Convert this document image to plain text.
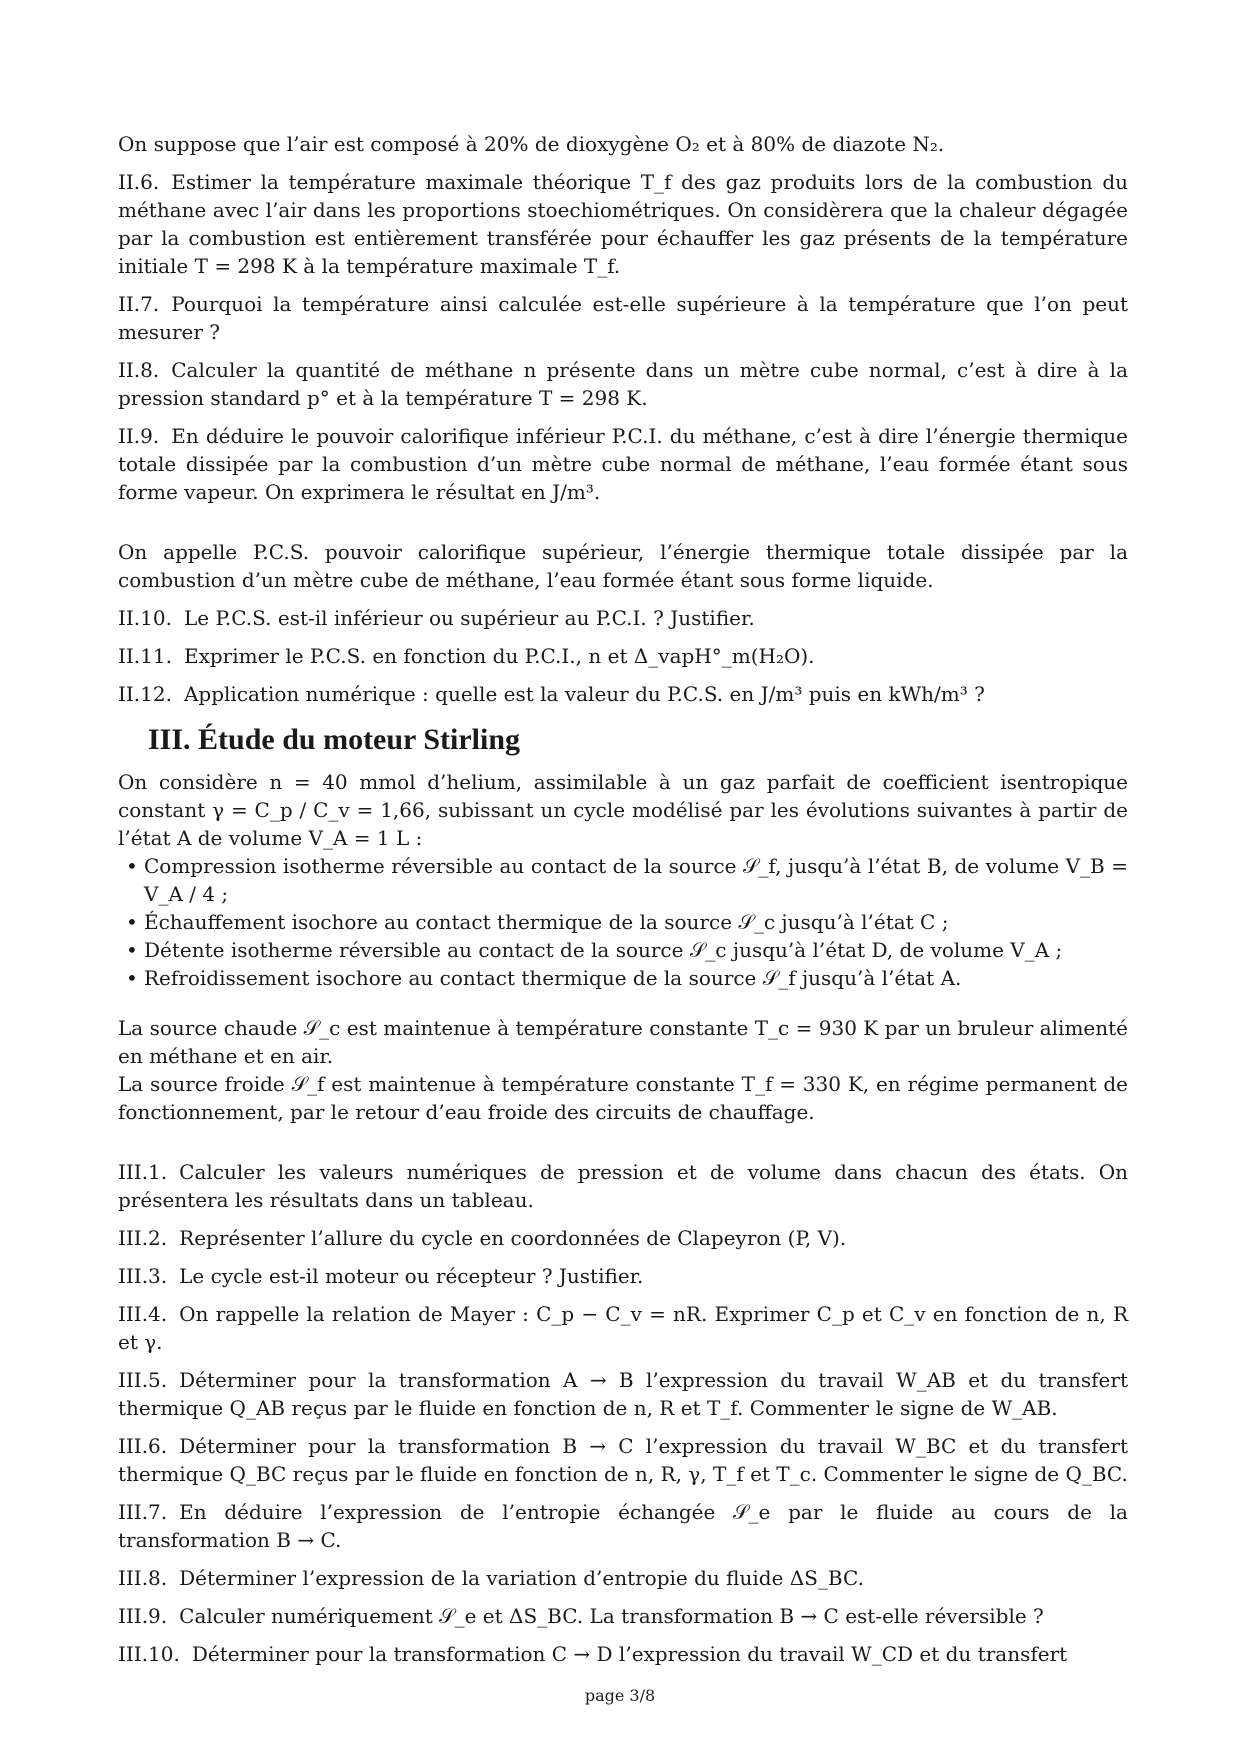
On suppose que l’air est composé à 20% de dioxygène O₂ et à 80% de diazote N₂.

II.6. Estimer la température maximale théorique T_f des gaz produits lors de la combustion du méthane avec l’air dans les proportions stoechiométriques. On considèrera que la chaleur dégagée par la combustion est entièrement transférée pour échauffer les gaz présents de la température initiale T = 298 K à la température maximale T_f.
II.7. Pourquoi la température ainsi calculée est-elle supérieure à la température que l’on peut mesurer ?
II.8. Calculer la quantité de méthane n présente dans un mètre cube normal, c’est à dire à la pression standard p° et à la température T = 298 K.
II.9. En déduire le pouvoir calorifique inférieur P.C.I. du méthane, c’est à dire l’énergie thermique totale dissipée par la combustion d’un mètre cube normal de méthane, l’eau formée étant sous forme vapeur. On exprimera le résultat en J/m³.

On appelle P.C.S. pouvoir calorifique supérieur, l’énergie thermique totale dissipée par la combustion d’un mètre cube de méthane, l’eau formée étant sous forme liquide.

II.10. Le P.C.S. est-il inférieur ou supérieur au P.C.I. ? Justifier.
II.11. Exprimer le P.C.S. en fonction du P.C.I., n et Δ_vapH°_m(H₂O).
II.12. Application numérique : quelle est la valeur du P.C.S. en J/m³ puis en kWh/m³ ?
III. Étude du moteur Stirling

On considère n = 40 mmol d’helium, assimilable à un gaz parfait de coefficient isentropique constant γ = C_p / C_v = 1,66, subissant un cycle modélisé par les évolutions suivantes à partir de l’état A de volume V_A = 1 L :

• Compression isotherme réversible au contact de la source 𝒮_f, jusqu’à l’état B, de volume V_B = V_A / 4 ;
• Échauffement isochore au contact thermique de la source 𝒮_c jusqu’à l’état C ;
• Détente isotherme réversible au contact de la source 𝒮_c jusqu’à l’état D, de volume V_A ;
• Refroidissement isochore au contact thermique de la source 𝒮_f jusqu’à l’état A.

La source chaude 𝒮_c est maintenue à température constante T_c = 930 K par un bruleur alimenté en méthane et en air.

La source froide 𝒮_f est maintenue à température constante T_f = 330 K, en régime permanent de fonctionnement, par le retour d’eau froide des circuits de chauffage.

III.1. Calculer les valeurs numériques de pression et de volume dans chacun des états. On présentera les résultats dans un tableau.
III.2. Représenter l’allure du cycle en coordonnées de Clapeyron (P, V).
III.3. Le cycle est-il moteur ou récepteur ? Justifier.
III.4. On rappelle la relation de Mayer : C_p − C_v = nR. Exprimer C_p et C_v en fonction de n, R et γ.
III.5. Déterminer pour la transformation A → B l’expression du travail W_AB et du transfert thermique Q_AB reçus par le fluide en fonction de n, R et T_f. Commenter le signe de W_AB.
III.6. Déterminer pour la transformation B → C l’expression du travail W_BC et du transfert thermique Q_BC reçus par le fluide en fonction de n, R, γ, T_f et T_c. Commenter le signe de Q_BC.
III.7. En déduire l’expression de l’entropie échangée 𝒮_e par le fluide au cours de la transformation B → C.
III.8. Déterminer l’expression de la variation d’entropie du fluide ΔS_BC.
III.9. Calculer numériquement 𝒮_e et ΔS_BC. La transformation B → C est-elle réversible ?
III.10. Déterminer pour la transformation C → D l’expression du travail W_CD et du transfert
page 3/8
